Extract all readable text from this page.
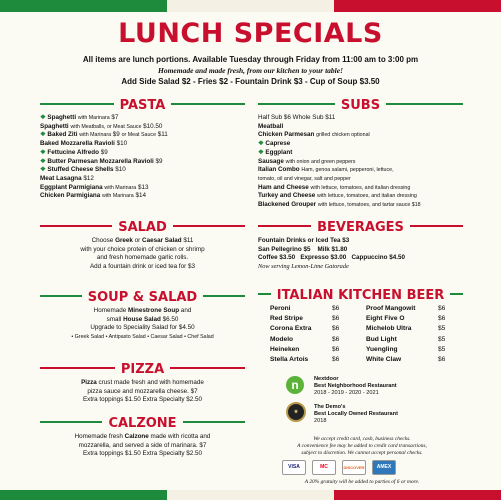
LUNCH SPECIALS
All items are lunch portions. Available Tuesday through Friday from 11:00 am to 3:00 pm
Homemade and made fresh, from our kitchen to your table!
Add Side Salad $2 - Fries $2 - Fountain Drink $3 - Cup of Soup $3.50
PASTA
❖ Spaghetti with Marinara $7
Spaghetti with Meatballs, or Meat Sauce $10.50
❖ Baked Ziti with Marinara $9 or Meat Sauce $11
Baked Mozzarella Ravioli $10
❖ Fettucine Alfredo $9
❖ Butter Parmesan Mozzarella Ravioli $9
❖ Stuffed Cheese Shells $10
Meat Lasagna $12
Eggplant Parmigiana with Marinara $13
Chicken Parmigiana with Marinara $14
SUBS
Half Sub $6 Whole Sub $11
Meatball
Chicken Parmesan grilled chicken optional
❖ Caprese
❖ Eggplant
Sausage with onion and green peppers
Italian Combo Ham, genoa salami, pepperoni, lettuce,
tomato, oil and vinegar, salt and pepper
Ham and Cheese with lettuce, tomatoes, and italian dressing
Turkey and Cheese with lettuce, tomatoes, and italian dressing
Blackened Grouper with lettuce, tomatoes, and tartar sauce $18
SALAD
Choose Greek or Caesar Salad $11
with your choice protein of chicken or shrimp
and fresh homemade garlic rolls.
Add a fountain drink or iced tea for $3
BEVERAGES
Fountain Drinks or Iced Tea $3
San Pellegrino $5 Milk $1.80
Coffee $3.50 Expresso $3.00 Cappuccino $4.50
Now serving Lemon-Lime Gatorade
SOUP & SALAD
Homemade Minestrone Soup and
small House Salad $6.50
Upgrade to Speciality Salad for $4.50
• Greek Salad • Antipasto Salad • Caesar Salad • Chef Salad
ITALIAN KITCHEN BEER
Peroni	$6
Red Stripe	$6
Corona Extra	$6
Modelo	$6
Heineken	$6
Stella Artois	$6
Proof Mangowit	$6
Eight Five O	$6
Michelob Ultra	$5
Bud Light	$5
Yuengling	$5
White Claw	$6
PIZZA
Pizza crust made fresh and with homemade
pizza sauce and mozzarella cheese. $7
Extra toppings $1.50 Extra Specialty $2.50
n	Nextdoor
Best Neighborhood Restaurant
2018 - 2019 - 2020 - 2021
★
The Demo's
Best Locally Owned Restaurant
2018
CALZONE
Homemade fresh Calzone made with ricotta and
mozzarella, and served a side of marinara. $7
Extra toppings $1.50 Extra Specialty $2.50
We accept credit card, cash, business checks.
A convenience fee may be added to credit card transactions,
subject to discretion. We cannot accept personal checks.
VISA	MC	DISCOVER	AMEX
A 20% gratuity will be added to parties of 6 or more.
